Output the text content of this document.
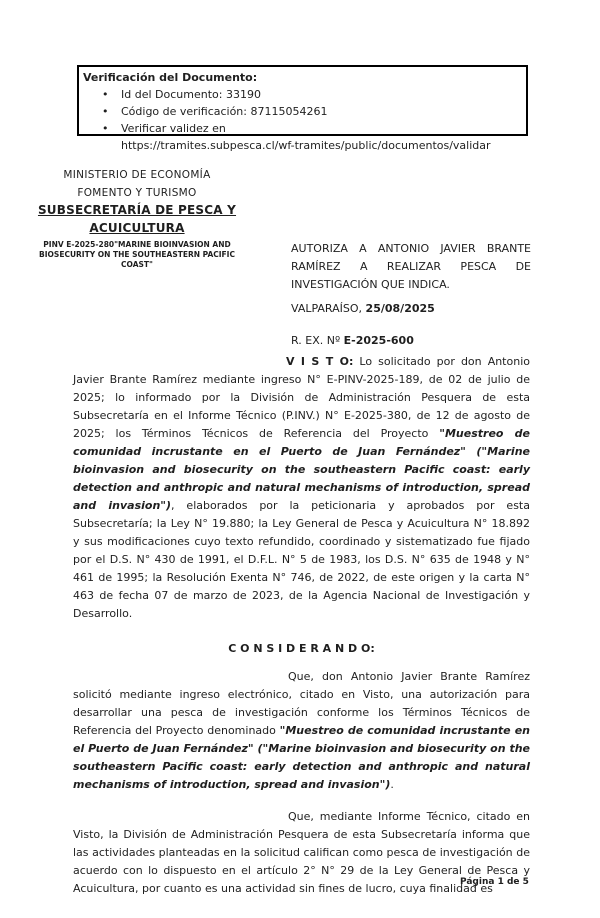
Verificación del Documento:
• Id del Documento: 33190
• Código de verificación: 87115054261
• Verificar validez en
https://tramites.subpesca.cl/wf-tramites/public/documentos/validar
MINISTERIO DE ECONOMÍA
FOMENTO Y TURISMO
SUBSECRETARÍA DE PESCA Y
ACUICULTURA
PINV E-2025-280"MARINE BIOINVASION AND
BIOSECURITY ON THE SOUTHEASTERN PACIFIC COAST"
AUTORIZA A ANTONIO JAVIER BRANTE RAMÍREZ A REALIZAR PESCA DE INVESTIGACIÓN QUE INDICA.
VALPARAÍSO, 25/08/2025
R. EX. Nº E-2025-600

V I S T O: Lo solicitado por don Antonio Javier Brante Ramírez mediante ingreso N° E-PINV-2025-189, de 02 de julio de 2025; lo informado por la División de Administración Pesquera de esta Subsecretaría en el Informe Técnico (P.INV.) N° E-2025-380, de 12 de agosto de 2025; los Términos Técnicos de Referencia del Proyecto "Muestreo de comunidad incrustante en el Puerto de Juan Fernández" ("Marine bioinvasion and biosecurity on the southeastern Pacific coast: early detection and anthropic and natural mechanisms of introduction, spread and invasion"), elaborados por la peticionaria y aprobados por esta Subsecretaría; la Ley N° 19.880; la Ley General de Pesca y Acuicultura N° 18.892 y sus modificaciones cuyo texto refundido, coordinado y sistematizado fue fijado por el D.S. N° 430 de 1991, el D.F.L. N° 5 de 1983, los D.S. N° 635 de 1948 y N° 461 de 1995; la Resolución Exenta N° 746, de 2022, de este origen y la carta N° 463 de fecha 07 de marzo de 2023, de la Agencia Nacional de Investigación y Desarrollo.

C O N S I D E R A N D O:

Que, don Antonio Javier Brante Ramírez solicitó mediante ingreso electrónico, citado en Visto, una autorización para desarrollar una pesca de investigación conforme los Términos Técnicos de Referencia del Proyecto denominado "Muestreo de comunidad incrustante en el Puerto de Juan Fernández" ("Marine bioinvasion and biosecurity on the southeastern Pacific coast: early detection and anthropic and natural mechanisms of introduction, spread and invasion").

Que, mediante Informe Técnico, citado en Visto, la División de Administración Pesquera de esta Subsecretaría informa que las actividades planteadas en la solicitud califican como pesca de investigación de acuerdo con lo dispuesto en el artículo 2° N° 29 de la Ley General de Pesca y Acuicultura, por cuanto es una actividad sin fines de lucro, cuya finalidad es

Página 1 de 5
